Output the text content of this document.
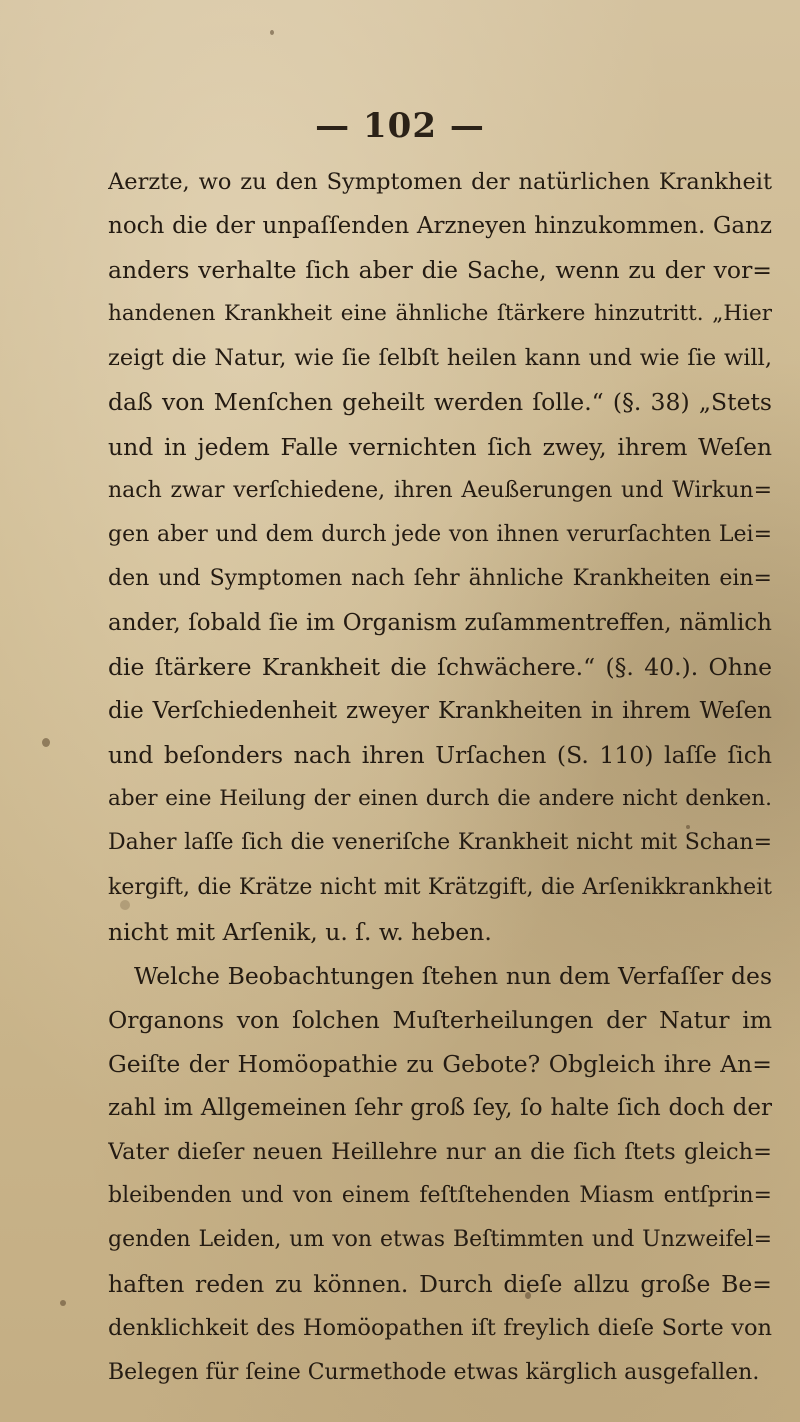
— 102 —
Aerzte, wo zu den Symptomen der natürlichen Krankheit
noch die der unpaſſenden Arzneyen hinzukommen. Ganz
anders verhalte ſich aber die Sache, wenn zu der vor=
handenen Krankheit eine ähnliche ſtärkere hinzutritt. „Hier
zeigt die Natur, wie ſie ſelbſt heilen kann und wie ſie will,
daß von Menſchen geheilt werden ſolle.“ (§. 38) „Stets
und in jedem Falle vernichten ſich zwey, ihrem Weſen
nach zwar verſchiedene, ihren Aeußerungen und Wirkun=
gen aber und dem durch jede von ihnen verurſachten Lei=
den und Symptomen nach ſehr ähnliche Krankheiten ein=
ander, ſobald ſie im Organism zuſammentreffen, nämlich
die ſtärkere Krankheit die ſchwächere.“ (§. 40.). Ohne
die Verſchiedenheit zweyer Krankheiten in ihrem Weſen
und beſonders nach ihren Urſachen (S. 110) laſſe ſich
aber eine Heilung der einen durch die andere nicht denken.
Daher laſſe ſich die veneriſche Krankheit nicht mit Schan=
kergift, die Krätze nicht mit Krätzgift, die Arſenikkrankheit
nicht mit Arſenik, u. ſ. w. heben.
Welche Beobachtungen ſtehen nun dem Verfaſſer des
Organons von ſolchen Muſterheilungen der Natur im
Geiſte der Homöopathie zu Gebote? Obgleich ihre An=
zahl im Allgemeinen ſehr groß ſey, ſo halte ſich doch der
Vater dieſer neuen Heillehre nur an die ſich ſtets gleich=
bleibenden und von einem feſtſtehenden Miasm entſprin=
genden Leiden, um von etwas Beſtimmten und Unzweifel=
haften reden zu können. Durch dieſe allzu große Be=
denklichkeit des Homöopathen iſt freylich dieſe Sorte von
Belegen für ſeine Curmethode etwas kärglich ausgefallen.
